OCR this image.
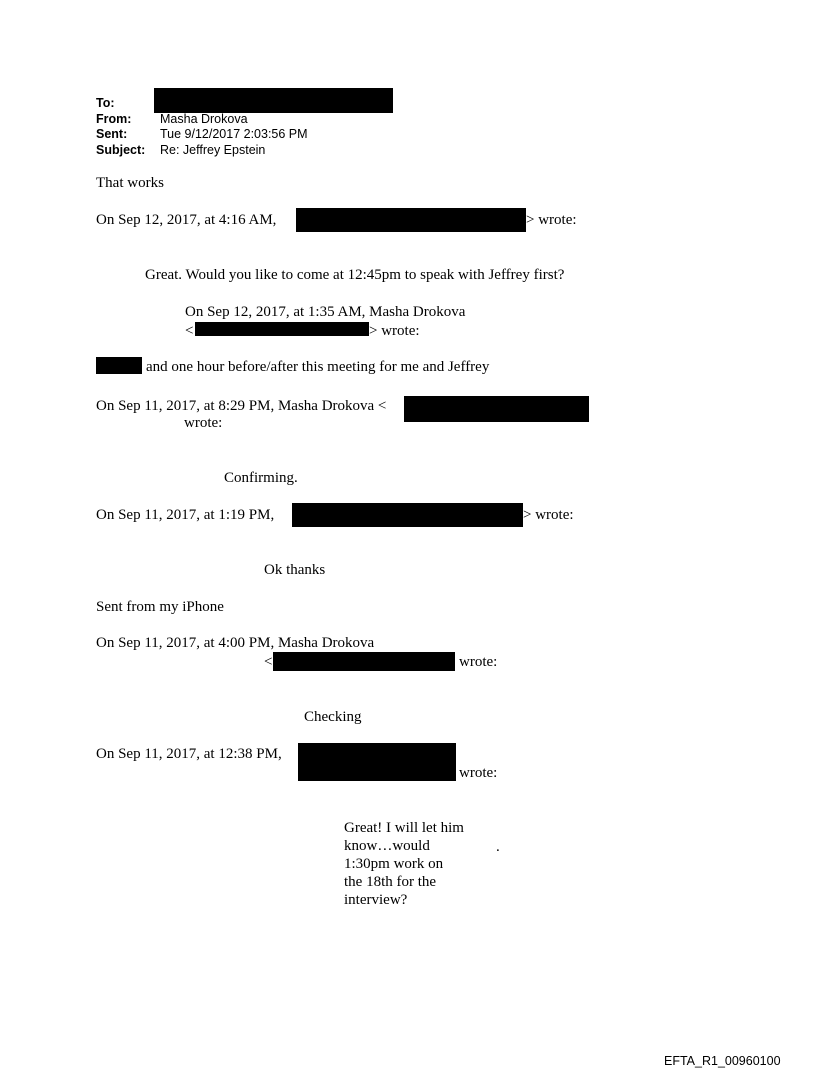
To:
From: Masha Drokova
Sent:	Tue 9/12/2017 2:03:56 PM
Subject: Re: Jeffrey Epstein
That works
On Sep 12, 2017, at 4:16 AM,	> wrote:
Great. Would you like to come at 12:45pm to speak with Jeffrey first?
On Sep 12, 2017, at 1:35 AM, Masha Drokova
<	> wrote:
and one hour before/after this meeting for me and Jeffrey
On Sep 11, 2017, at 8:29 PM, Masha Drokova <
wrote:
Confirming.
On Sep 11, 2017, at 1:19 PM,	> wrote:
Ok thanks
Sent from my iPhone
On Sep 11, 2017, at 4:00 PM, Masha Drokova
<	wrote:
Checking
On Sep 11, 2017, at 12:38 PM,
wrote:
Great! I will let him
know…would
1:30pm work on
the 18th for the
interview?
.
EFTA_R1_00960100
